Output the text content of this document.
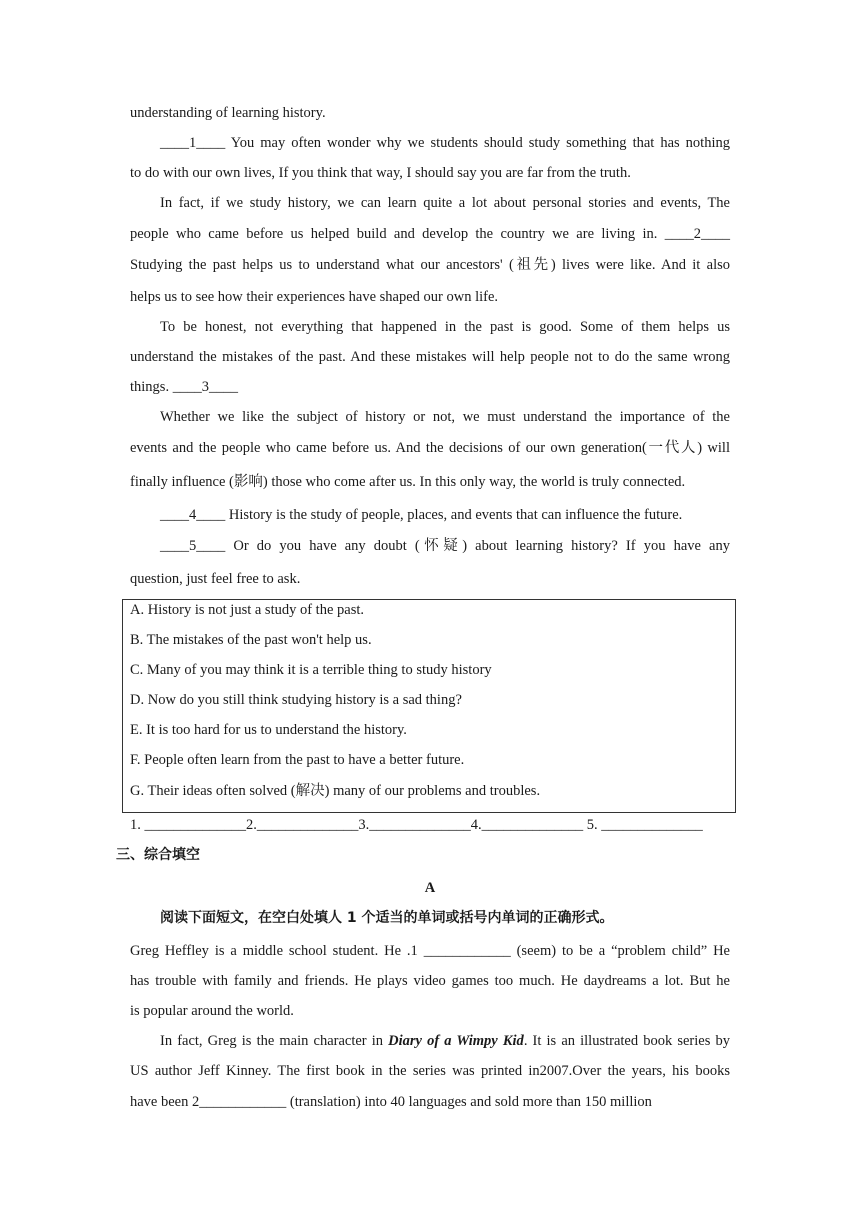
understanding of learning history.
____1____ You may often wonder why we students should study something that has nothing
to do with our own lives, If you think that way, I should say you are far from the truth.
In fact, if we study history, we can learn quite a lot about personal stories and events, The
people who came before us helped build and develop the country we are living in. ____2____
Studying the past helps us to understand what our ancestors' (祖先) lives were like. And it also
helps us to see how their experiences have shaped our own life.
To be honest, not everything that happened in the past is good. Some of them helps us
understand the mistakes of the past. And these mistakes will help people not to do the same wrong
things. ____3____
Whether we like the subject of history or not, we must understand the importance of the
events and the people who came before us. And the decisions of our own generation(一代人) will
finally influence (影响) those who come after us. In this only way, the world is truly connected.
____4____ History is the study of people, places, and events that can influence the future.
____5____ Or do you have any doubt (怀疑) about learning history? If you have any
question, just feel free to ask.
A. History is not just a study of the past.
B. The mistakes of the past won't help us.
C. Many of you may think it is a terrible thing to study history
D. Now do you still think studying history is a sad thing?
E. It is too hard for us to understand the history.
F. People often learn from the past to have a better future.
G. Their ideas often solved (解决) many of our problems and troubles.
1. ______________2.______________3.______________4.______________ 5. ______________
三、综合填空
A
阅读下面短文，在空白处填人 1 个适当的单词或括号内单词的正确形式。
Greg Heffley is a middle school student. He .1 ____________ (seem) to be a “problem child” He
has trouble with family and friends. He plays video games too much. He daydreams a lot. But he
is popular around the world.
In fact, Greg is the main character in Diary of a Wimpy Kid. It is an illustrated book series by
US author Jeff Kinney. The first book in the series was printed in2007.Over the years, his books
have been 2____________ (translation) into 40 languages and sold more than 150 million
